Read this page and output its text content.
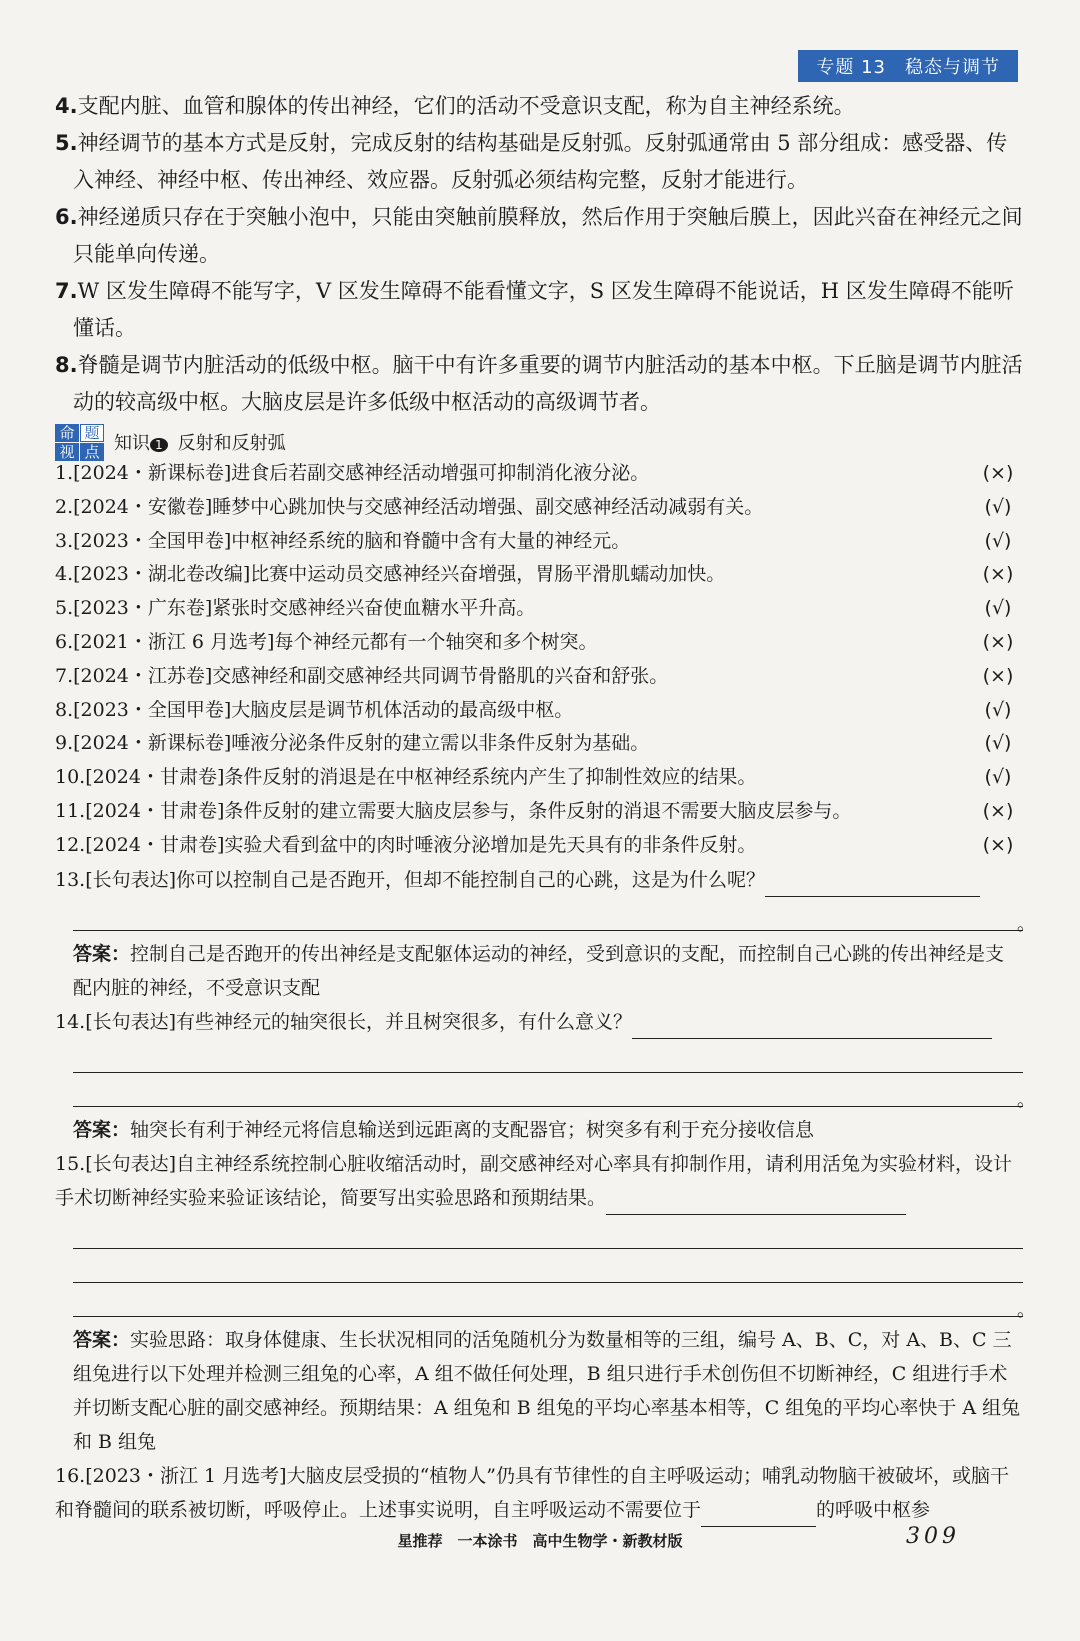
专题 13　稳态与调节

4.支配内脏、血管和腺体的传出神经，它们的活动不受意识支配，称为自主神经系统。

5.神经调节的基本方式是反射，完成反射的结构基础是反射弧。反射弧通常由 5 部分组成：感受器、传入神经、神经中枢、传出神经、效应器。反射弧必须结构完整，反射才能进行。

6.神经递质只存在于突触小泡中，只能由突触前膜释放，然后作用于突触后膜上，因此兴奋在神经元之间只能单向传递。

7.W 区发生障碍不能写字，V 区发生障碍不能看懂文字，S 区发生障碍不能说话，H 区发生障碍不能听懂话。

8.脊髓是调节内脏活动的低级中枢。脑干中有许多重要的调节内脏活动的基本中枢。下丘脑是调节内脏活动的较高级中枢。大脑皮层是许多低级中枢活动的高级调节者。

命 题
视 点 知识 1 反射和反射弧
1.[2024・新课标卷]进食后若副交感神经活动增强可抑制消化液分泌。	(×)
2.[2024・安徽卷]睡梦中心跳加快与交感神经活动增强、副交感神经活动减弱有关。	(√)
3.[2023・全国甲卷]中枢神经系统的脑和脊髓中含有大量的神经元。	(√)
4.[2023・湖北卷改编]比赛中运动员交感神经兴奋增强，胃肠平滑肌蠕动加快。	(×)
5.[2023・广东卷]紧张时交感神经兴奋使血糖水平升高。	(√)
6.[2021・浙江 6 月选考]每个神经元都有一个轴突和多个树突。	(×)
7.[2024・江苏卷]交感神经和副交感神经共同调节骨骼肌的兴奋和舒张。	(×)
8.[2023・全国甲卷]大脑皮层是调节机体活动的最高级中枢。	(√)
9.[2024・新课标卷]唾液分泌条件反射的建立需以非条件反射为基础。	(√)
10.[2024・甘肃卷]条件反射的消退是在中枢神经系统内产生了抑制性效应的结果。	(√)
11.[2024・甘肃卷]条件反射的建立需要大脑皮层参与，条件反射的消退不需要大脑皮层参与。	(×)
12.[2024・甘肃卷]实验犬看到盆中的肉时唾液分泌增加是先天具有的非条件反射。	(×)
13.[长句表达]你可以控制自己是否跑开，但却不能控制自己的心跳，这是为什么呢？
。
答案：控制自己是否跑开的传出神经是支配躯体运动的神经，受到意识的支配，而控制自己心跳的传出神经是支配内脏的神经，不受意识支配
14.[长句表达]有些神经元的轴突很长，并且树突很多，有什么意义？
。
答案：轴突长有利于神经元将信息输送到远距离的支配器官；树突多有利于充分接收信息
15.[长句表达]自主神经系统控制心脏收缩活动时，副交感神经对心率具有抑制作用，请利用活兔为实验材料，设计手术切断神经实验来验证该结论，简要写出实验思路和预期结果。
。
答案：实验思路：取身体健康、生长状况相同的活兔随机分为数量相等的三组，编号 A、B、C，对 A、B、C 三组兔进行以下处理并检测三组兔的心率，A 组不做任何处理，B 组只进行手术创伤但不切断神经，C 组进行手术并切断支配心脏的副交感神经。预期结果：A 组兔和 B 组兔的平均心率基本相等，C 组兔的平均心率快于 A 组兔和 B 组兔
16.[2023・浙江 1 月选考]大脑皮层受损的“植物人”仍具有节律性的自主呼吸运动；哺乳动物脑干被破坏，或脑干和脊髓间的联系被切断，呼吸停止。上述事实说明，自主呼吸运动不需要位于	的呼吸中枢参
星推荐　一本涂书　高中生物学・新教材版	309
